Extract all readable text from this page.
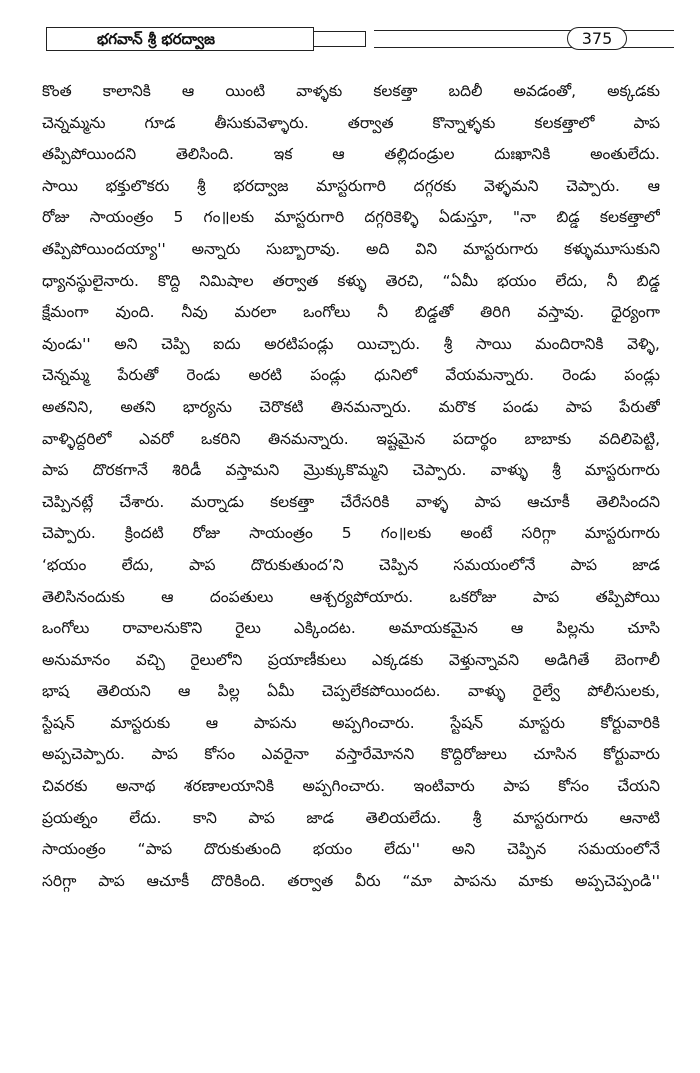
భగవాన్ శ్రీ భరద్వాజ	375
కొంత కాలానికి ఆ యింటి వాళ్ళకు కలకత్తా బదిలీ అవడంతో, అక్కడకు
చెన్నమ్మను గూడ తీసుకువెళ్ళారు. తర్వాత కొన్నాళ్ళకు కలకత్తాలో పాప
తప్పిపోయిందని తెలిసింది. ఇక ఆ తల్లిదండ్రుల దుఃఖానికి అంతులేదు.
సాయి భక్తులొకరు శ్రీ భరద్వాజ మాస్టరుగారి దగ్గరకు వెళ్ళమని చెప్పారు. ఆ
రోజు సాయంత్రం 5 గం॥లకు మాస్టరుగారి దగ్గరికెళ్ళి ఏడుస్తూ, "నా బిడ్డ కలకత్తాలో
తప్పిపోయిందయ్యా'' అన్నారు సుబ్బారావు. అది విని మాస్టరుగారు కళ్ళుమూసుకుని
ధ్యానస్థులైనారు. కొద్ది నిమిషాల తర్వాత కళ్ళు తెరచి, “ఏమీ భయం లేదు, నీ బిడ్డ
క్షేమంగా వుంది. నీవు మరలా ఒంగోలు నీ బిడ్డతో తిరిగి వస్తావు. ధైర్యంగా
వుండు'' అని చెప్పి ఐదు అరటిపండ్లు యిచ్చారు. శ్రీ సాయి మందిరానికి వెళ్ళి,
చెన్నమ్మ పేరుతో రెండు అరటి పండ్లు ధునిలో వేయమన్నారు. రెండు పండ్లు
అతనిని, అతని భార్యను చెరొకటి తినమన్నారు. మరొక పండు పాప పేరుతో
వాళ్ళిద్దరిలో ఎవరో ఒకరిని తినమన్నారు. ఇష్టమైన పదార్థం బాబాకు వదిలిపెట్టి,
పాప దొరకగానే శిరిడీ వస్తామని మ్రొక్కుకొమ్మని చెప్పారు. వాళ్ళు శ్రీ మాస్టరుగారు
చెప్పినట్లే చేశారు. మర్నాడు కలకత్తా చేరేసరికి వాళ్ళ పాప ఆచూకీ తెలిసిందని
చెప్పారు. క్రిందటి రోజు సాయంత్రం 5 గం॥లకు అంటే సరిగ్గా మాస్టరుగారు
‘భయం లేదు, పాప దొరుకుతుంద’ని చెప్పిన సమయంలోనే పాప జాడ
తెలిసినందుకు ఆ దంపతులు ఆశ్చర్యపోయారు. ఒకరోజు పాప తప్పిపోయి
ఒంగోలు రావాలనుకొని రైలు ఎక్కిందట. అమాయకమైన ఆ పిల్లను చూసి
అనుమానం వచ్చి రైలులోని ప్రయాణీకులు ఎక్కడకు వెళ్తున్నావని అడిగితే బెంగాలీ
భాష తెలియని ఆ పిల్ల ఏమీ చెప్పలేకపోయిందట. వాళ్ళు రైల్వే పోలీసులకు,
స్టేషన్ మాస్టరుకు ఆ పాపను అప్పగించారు. స్టేషన్ మాస్టరు కోర్టువారికి
అప్పచెప్పారు. పాప కోసం ఎవరైనా వస్తారేమోనని కొద్దిరోజులు చూసిన కోర్టువారు
చివరకు అనాథ శరణాలయానికి అప్పగించారు. ఇంటివారు పాప కోసం చేయని
ప్రయత్నం లేదు. కాని పాప జాడ తెలియలేదు. శ్రీ మాస్టరుగారు ఆనాటి
సాయంత్రం “పాప దొరుకుతుంది భయం లేదు'' అని చెప్పిన సమయంలోనే
సరిగ్గా పాప ఆచూకీ దొరికింది. తర్వాత వీరు “మా పాపను మాకు అప్పచెప్పండి''
